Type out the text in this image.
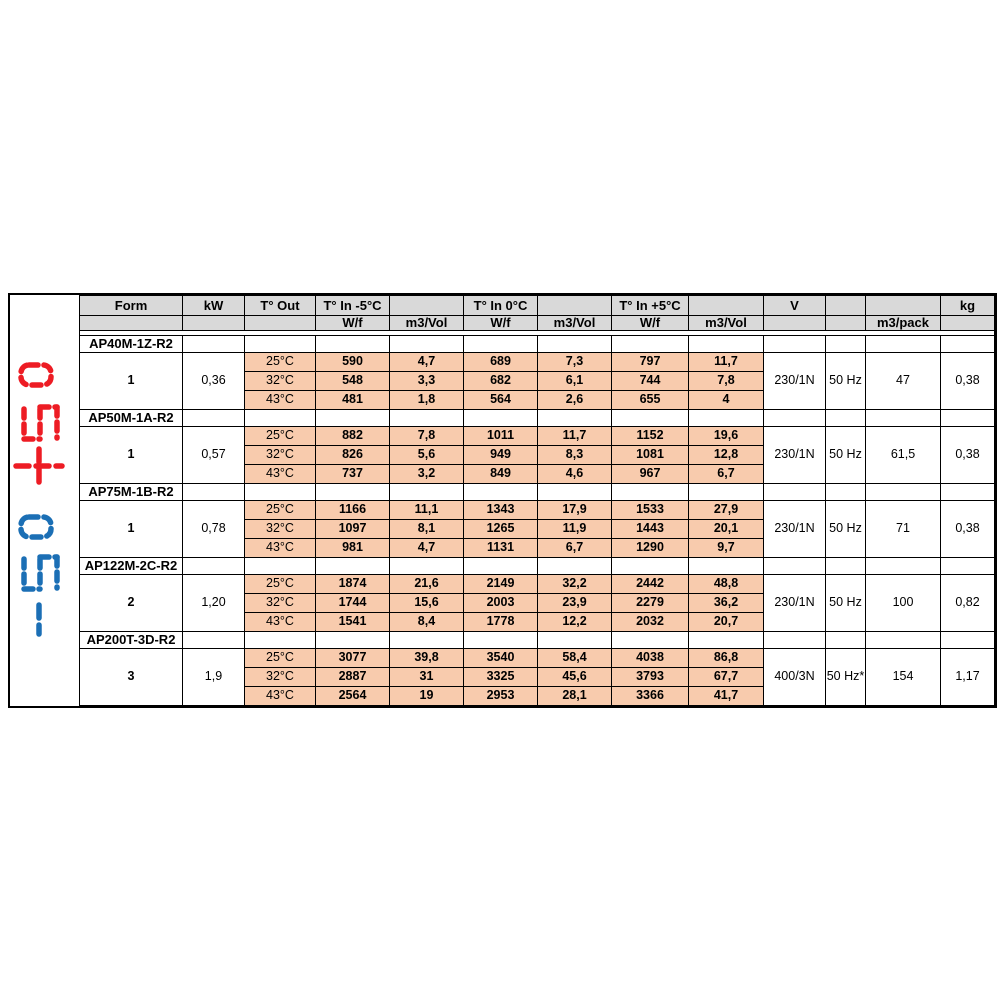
Form	kW	T° Out	T° In -5°C		T° In 0°C		T° In +5°C		V			kg
			W/f	m3/Vol	W/f	m3/Vol	W/f	m3/Vol			m3/pack	

AP40M-1Z-R2												
1	0,36	25°C	590	4,7	689	7,3	797	11,7	230/1N	50 Hz	47	0,38
		32°C	548	3,3	682	6,1	744	7,8				
		43°C	481	1,8	564	2,6	655	4				
AP50M-1A-R2												
1	0,57	25°C	882	7,8	1011	11,7	1152	19,6	230/1N	50 Hz	61,5	0,38
		32°C	826	5,6	949	8,3	1081	12,8				
		43°C	737	3,2	849	4,6	967	6,7				
AP75M-1B-R2												
1	0,78	25°C	1166	11,1	1343	17,9	1533	27,9	230/1N	50 Hz	71	0,38
		32°C	1097	8,1	1265	11,9	1443	20,1				
		43°C	981	4,7	1131	6,7	1290	9,7				
AP122M-2C-R2												
2	1,20	25°C	1874	21,6	2149	32,2	2442	48,8	230/1N	50 Hz	100	0,82
		32°C	1744	15,6	2003	23,9	2279	36,2				
		43°C	1541	8,4	1778	12,2	2032	20,7				
AP200T-3D-R2												
3	1,9	25°C	3077	39,8	3540	58,4	4038	86,8	400/3N	50 Hz*	154	1,17
		32°C	2887	31	3325	45,6	3793	67,7				
		43°C	2564	19	2953	28,1	3366	41,7				
